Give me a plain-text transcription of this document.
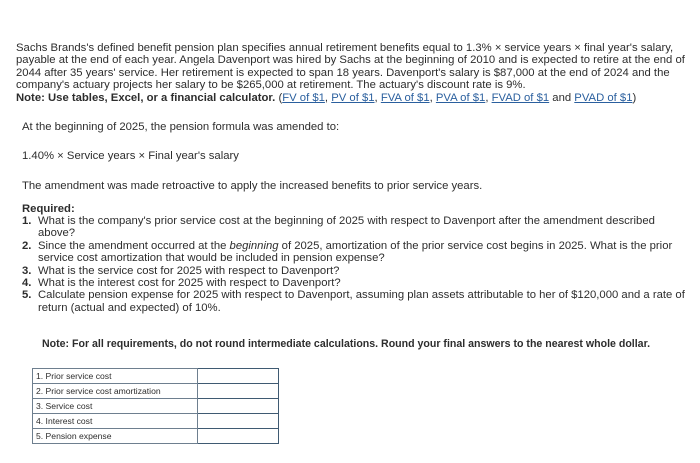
Sachs Brands's defined benefit pension plan specifies annual retirement benefits equal to 1.3% × service years × final year's salary,
payable at the end of each year. Angela Davenport was hired by Sachs at the beginning of 2010 and is expected to retire at the end of
2044 after 35 years' service. Her retirement is expected to span 18 years. Davenport's salary is $87,000 at the end of 2024 and the
company's actuary projects her salary to be $265,000 at retirement. The actuary's discount rate is 9%.
Note: Use tables, Excel, or a financial calculator. (FV of $1, PV of $1, FVA of $1, PVA of $1, FVAD of $1 and PVAD of $1)
At the beginning of 2025, the pension formula was amended to:
1.40% × Service years × Final year's salary
The amendment was made retroactive to apply the increased benefits to prior service years.
Required:
1. What is the company's prior service cost at the beginning of 2025 with respect to Davenport after the amendment described
above?
2. Since the amendment occurred at the beginning of 2025, amortization of the prior service cost begins in 2025. What is the prior
service cost amortization that would be included in pension expense?
3. What is the service cost for 2025 with respect to Davenport?
4. What is the interest cost for 2025 with respect to Davenport?
5. Calculate pension expense for 2025 with respect to Davenport, assuming plan assets attributable to her of $120,000 and a rate of
return (actual and expected) of 10%.
Note: For all requirements, do not round intermediate calculations. Round your final answers to the nearest whole dollar.
1. Prior service cost	

2. Prior service cost amortization	

3. Service cost	

4. Interest cost	

5. Pension expense	
